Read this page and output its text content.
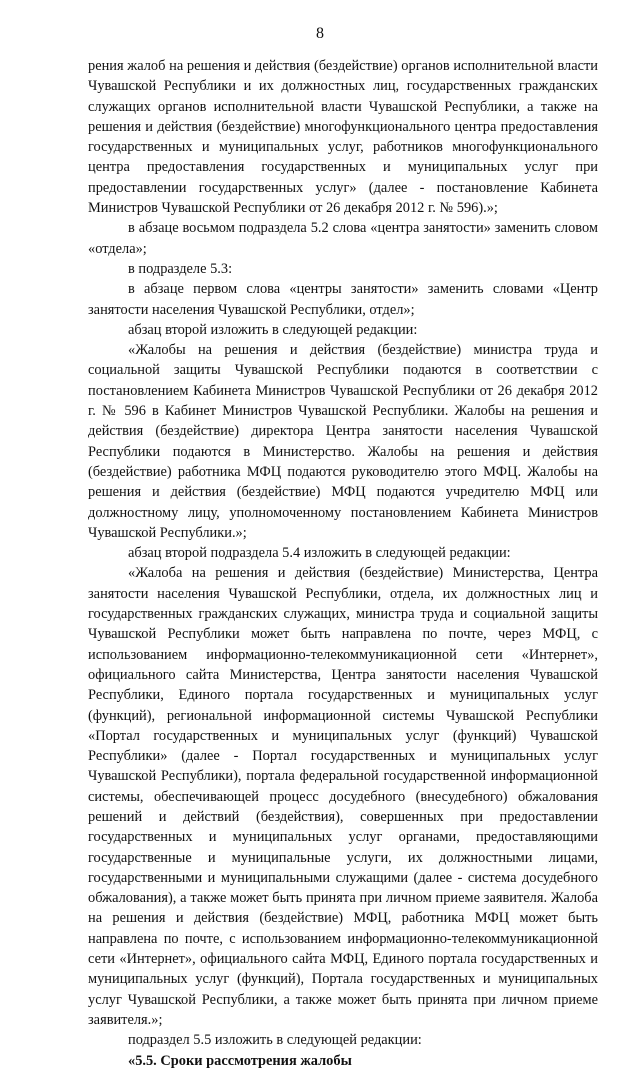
8

рения жалоб на решения и действия (бездействие) органов исполнительной власти Чувашской Республики и их должностных лиц, государственных гражданских служащих органов исполнительной власти Чувашской Республики, а также на решения и действия (бездействие) многофункционального центра предоставления государственных и муниципальных услуг, работников многофункционального центра предоставления государственных и муниципальных услуг при предоставлении государственных услуг» (далее - постановление Кабинета Министров Чувашской Республики от 26 декабря 2012 г. № 596).»;

в абзаце восьмом подраздела 5.2 слова «центра занятости» заменить словом «отдела»;

в подразделе 5.3:

в абзаце первом слова «центры занятости» заменить словами «Центр занятости населения Чувашской Республики, отдел»;

абзац второй изложить в следующей редакции:

«Жалобы на решения и действия (бездействие) министра труда и социальной защиты Чувашской Республики подаются в соответствии с постановлением Кабинета Министров Чувашской Республики от 26 декабря 2012 г. № 596 в Кабинет Министров Чувашской Республики. Жалобы на решения и действия (бездействие) директора Центра занятости населения Чувашской Республики подаются в Министерство. Жалобы на решения и действия (бездействие) работника МФЦ подаются руководителю этого МФЦ. Жалобы на решения и действия (бездействие) МФЦ подаются учредителю МФЦ или должностному лицу, уполномоченному постановлением Кабинета Министров Чувашской Республики.»;

абзац второй подраздела 5.4 изложить в следующей редакции:

«Жалоба на решения и действия (бездействие) Министерства, Центра занятости населения Чувашской Республики, отдела, их должностных лиц и государственных гражданских служащих, министра труда и социальной защиты Чувашской Республики может быть направлена по почте, через МФЦ, с использованием информационно-телекоммуникационной сети «Интернет», официального сайта Министерства, Центра занятости населения Чувашской Республики, Единого портала государственных и муниципальных услуг (функций), региональной информационной системы Чувашской Республики «Портал государственных и муниципальных услуг (функций) Чувашской Республики» (далее - Портал государственных и муниципальных услуг Чувашской Республики), портала федеральной государственной информационной системы, обеспечивающей процесс досудебного (внесудебного) обжалования решений и действий (бездействия), совершенных при предоставлении государственных и муниципальных услуг органами, предоставляющими государственные и муниципальные услуги, их должностными лицами, государственными и муниципальными служащими (далее - система досудебного обжалования), а также может быть принята при личном приеме заявителя. Жалоба на решения и действия (бездействие) МФЦ, работника МФЦ может быть направлена по почте, с использованием информационно-телекоммуникационной сети «Интернет», официального сайта МФЦ, Единого портала государственных и муниципальных услуг (функций), Портала государственных и муниципальных услуг Чувашской Республики, а также может быть принята при личном приеме заявителя.»;

подраздел 5.5 изложить в следующей редакции:

«5.5. Сроки рассмотрения жалобы
